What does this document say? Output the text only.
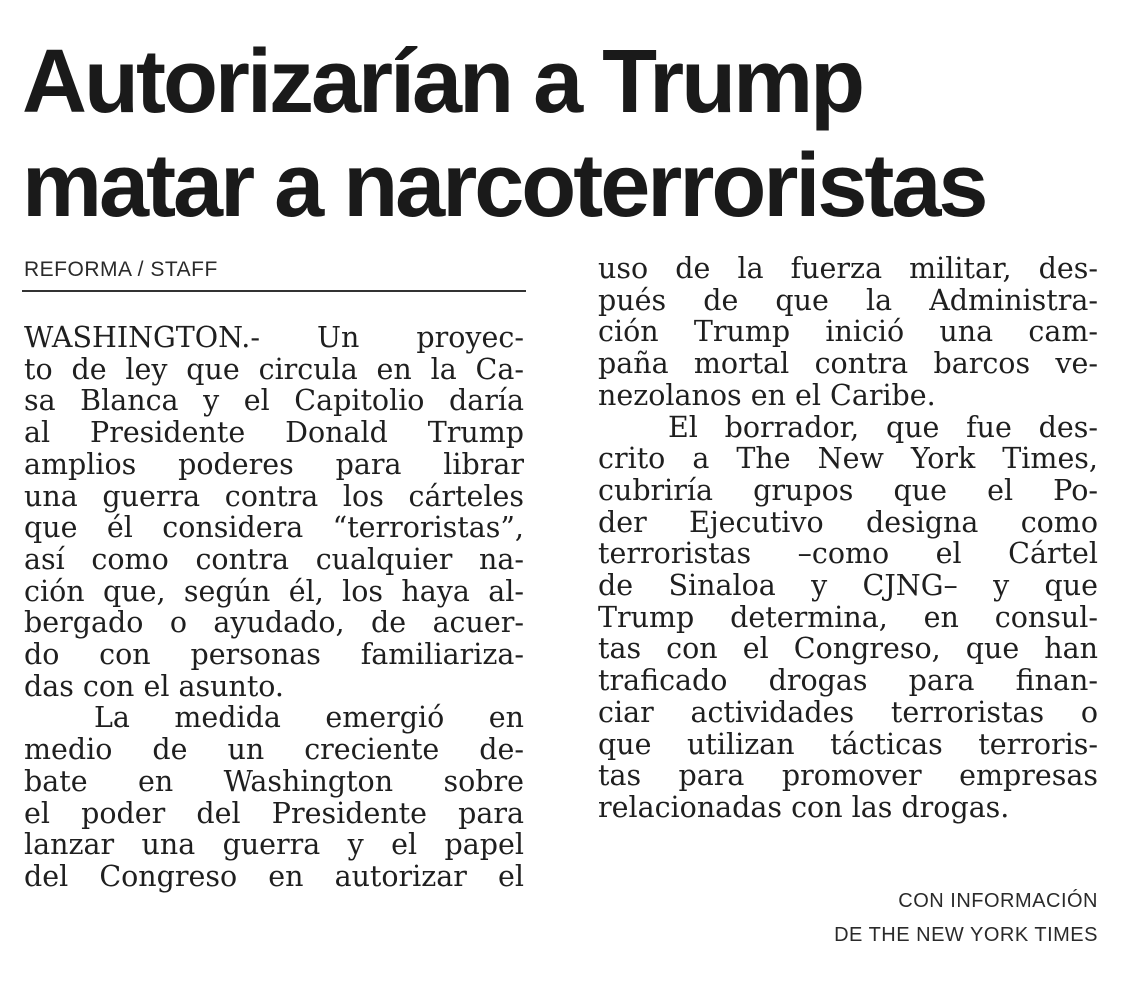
Autorizarían a Trump
matar a narcoterroristas
REFORMA / STAFF
WASHINGTON.- Un proyec-
to de ley que circula en la Ca-
sa Blanca y el Capitolio daría
al Presidente Donald Trump
amplios poderes para librar
una guerra contra los cárteles
que él considera “terroristas”,
así como contra cualquier na-
ción que, según él, los haya al-
bergado o ayudado, de acuer-
do con personas familiariza-
das con el asunto.
La medida emergió en
medio de un creciente de-
bate en Washington sobre
el poder del Presidente para
lanzar una guerra y el papel
del Congreso en autorizar el
uso de la fuerza militar, des-
pués de que la Administra-
ción Trump inició una cam-
paña mortal contra barcos ve-
nezolanos en el Caribe.
El borrador, que fue des-
crito a The New York Times,
cubriría grupos que el Po-
der Ejecutivo designa como
terroristas –como el Cártel
de Sinaloa y CJNG– y que
Trump determina, en consul-
tas con el Congreso, que han
traficado drogas para finan-
ciar actividades terroristas o
que utilizan tácticas terroris-
tas para promover empresas
relacionadas con las drogas.
CON INFORMACIÓN
DE THE NEW YORK TIMES
